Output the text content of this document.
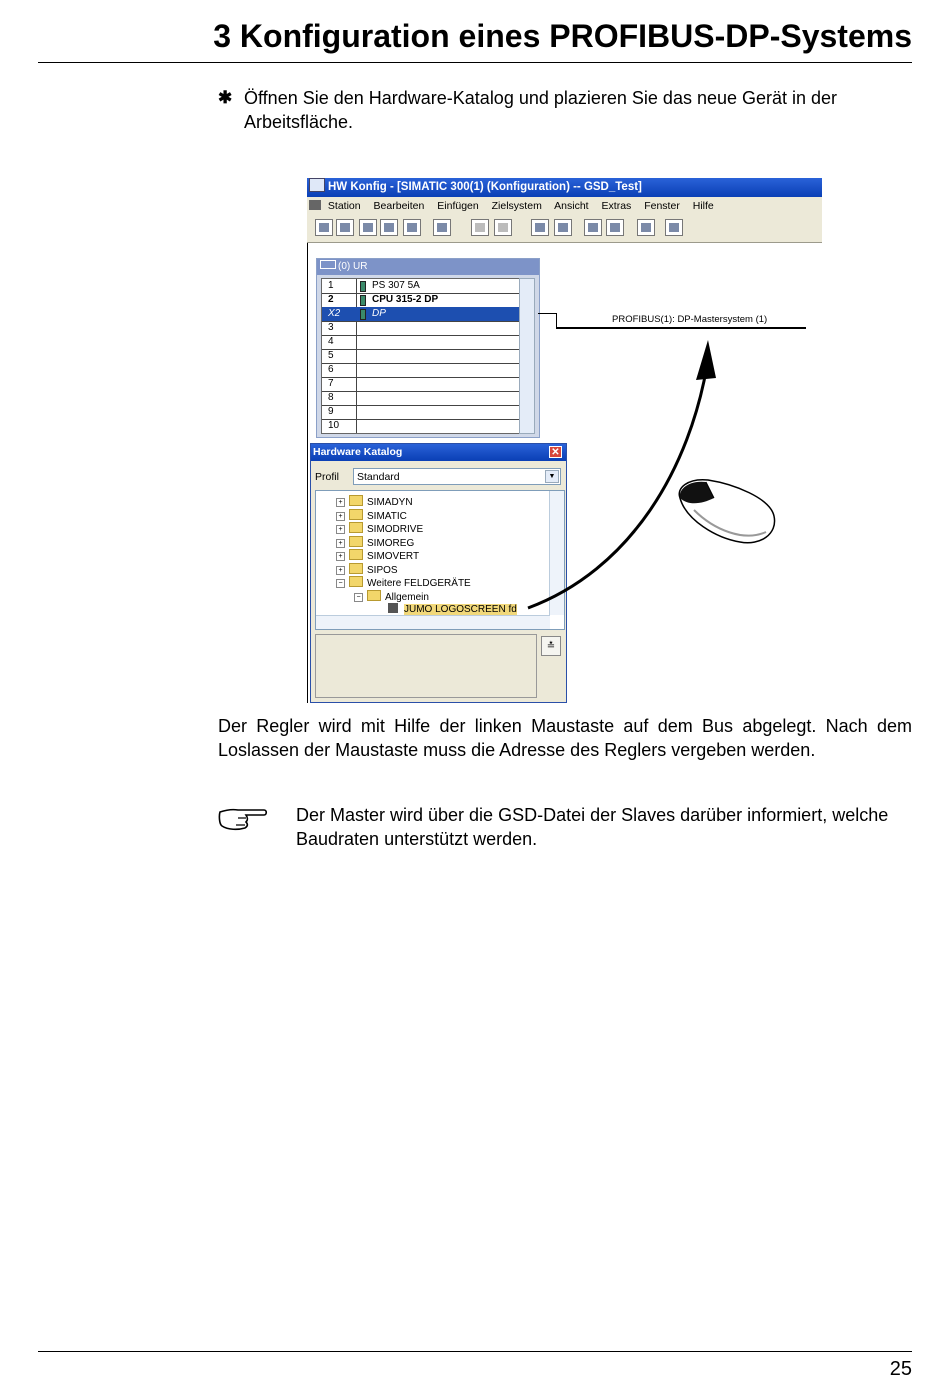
3 Konfiguration eines PROFIBUS-DP-Systems
✱ Öffnen Sie den Hardware-Katalog und plazieren Sie das neue Gerät in der Arbeitsfläche.
HW Konfig - [SIMATIC 300(1) (Konfiguration) -- GSD_Test]
Station Bearbeiten Einfügen Zielsystem Ansicht Extras Fenster Hilfe
(0) UR
1	PS 307 5A
2	CPU 315-2 DP
X2	DP
3
4
5
6
7
8
9
10
PROFIBUS(1): DP-Mastersystem (1)
Hardware Katalog	✕
Profil	Standard	▼
+ SIMADYN
+ SIMATIC
+ SIMODRIVE
+ SIMOREG
+ SIMOVERT
+ SIPOS
− Weitere FELDGERÄTE
− Allgemein
JUMO LOGOSCREEN fd
≛
Der Regler wird mit Hilfe der linken Maustaste auf dem Bus abgelegt. Nach dem Loslassen der Maustaste muss die Adresse des Reglers vergeben werden.
Der Master wird über die GSD-Datei der Slaves darüber informiert, welche Baudraten unterstützt werden.
25
